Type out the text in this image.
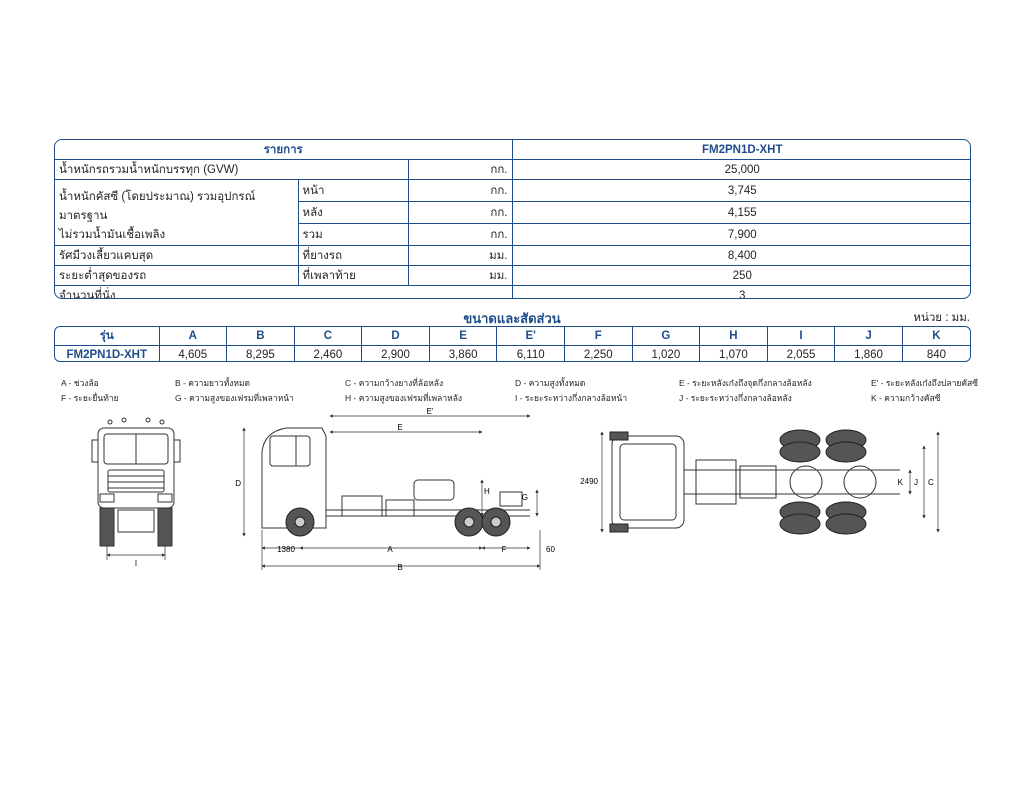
รายการ			FM2PN1D-XHT
น้ำหนักรถรวมน้ำหนักบรรทุก (GVW)		กก.	25,000

น้ำหนักคัสซี (โดยประมาณ) รวมอุปกรณ์มาตรฐาน
ไม่รวมน้ำมันเชื้อเพลิง	หน้า	กก.	3,745
	หลัง	กก.	4,155
	รวม	กก.	7,900
รัศมีวงเลี้ยวแคบสุด	ที่ยางรถ	มม.	8,400
ระยะต่ำสุดของรถ	ที่เพลาท้าย	มม.	250
จำนวนที่นั่ง			3
ขนาดและสัดส่วน	หน่วย : มม.
รุ่น	A	B	C	D	E	E'	F	G	H	I	J	K
FM2PN1D-XHT	4,605	8,295	2,460	2,900	3,860	6,110	2,250	1,020	1,070	2,055	1,860	840
A - ช่วงล้อ	B - ความยาวทั้งหมด	C - ความกว้างยางที่ล้อหลัง	D - ความสูงทั้งหมด	E - ระยะหลังเก๋งถึงจุดกึ่งกลางล้อหลัง	E' - ระยะหลังเก๋งถึงปลายคัสซี
F - ระยะยื่นท้าย	G - ความสูงของเฟรมที่เพลาหน้า	H - ความสูงของเฟรมที่เพลาหลัง	I - ระยะระหว่างกึ่งกลางล้อหน้า	J - ระยะระหว่างกึ่งกลางล้อหลัง	K - ความกว้างคัสซี
I
D
E'
E
H
G
1380	A	F	60
B
2490	K J C
